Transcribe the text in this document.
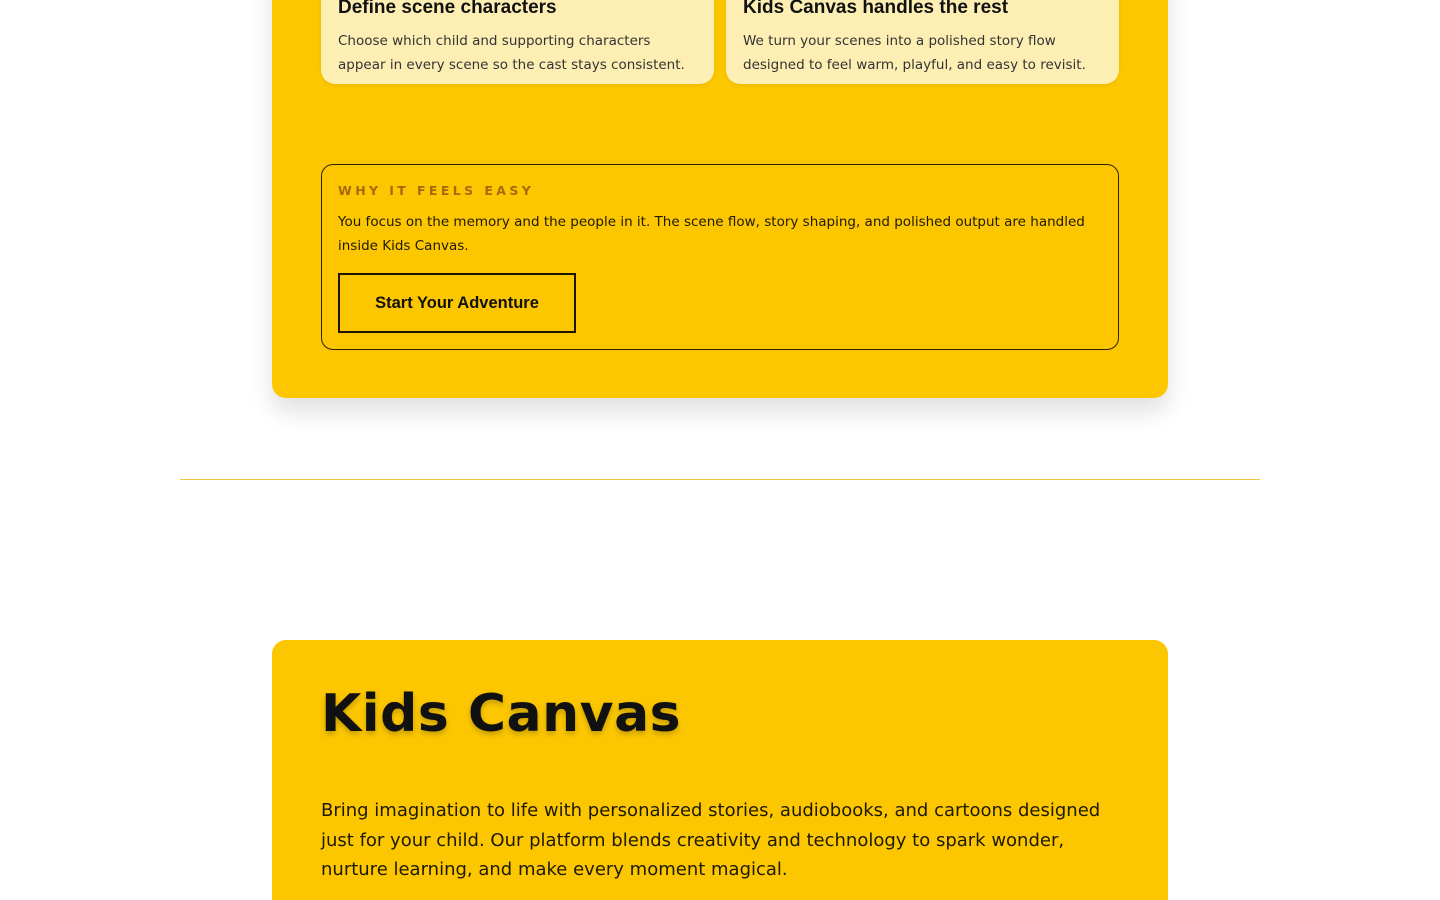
Define scene characters
Choose which child and supporting characters appear in every scene so the cast stays consistent.
Kids Canvas handles the rest
We turn your scenes into a polished story flow designed to feel warm, playful, and easy to revisit.
WHY IT FEELS EASY
You focus on the memory and the people in it. The scene flow, story shaping, and polished output are handled inside Kids Canvas.
Start Your Adventure
Kids Canvas

Bring imagination to life with personalized stories, audiobooks, and cartoons designed just for your child. Our platform blends creativity and technology to spark wonder, nurture learning, and make every moment magical.
